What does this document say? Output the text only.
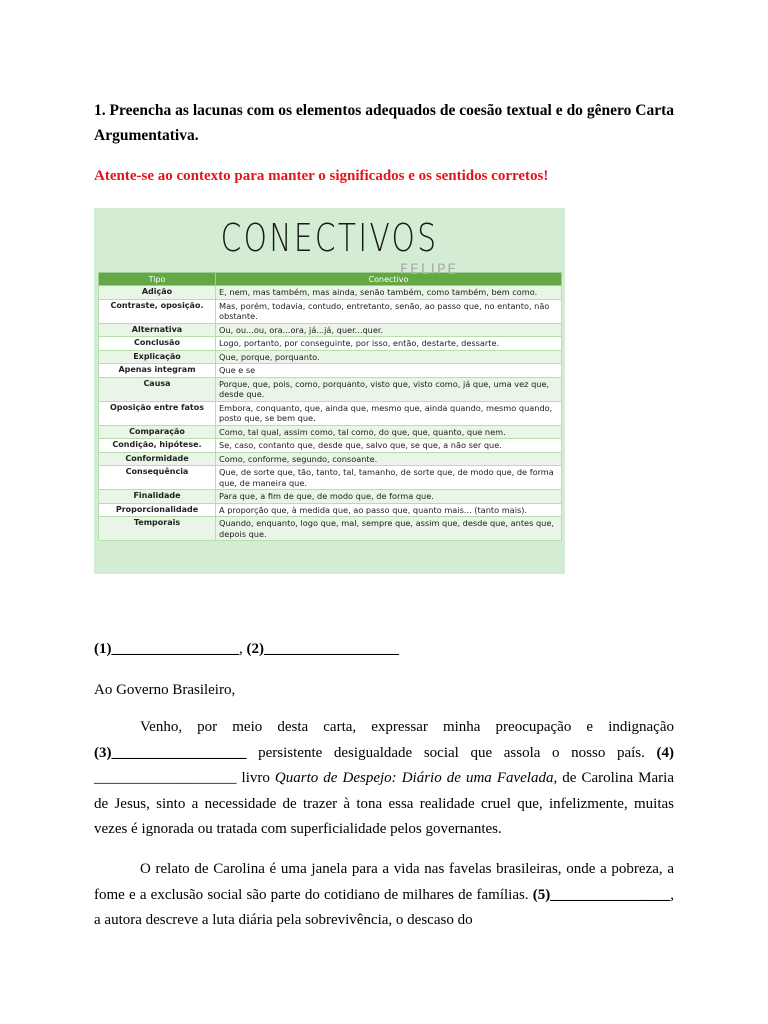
1. Preencha as lacunas com os elementos adequados de coesão textual e do gênero Carta Argumentativa.
Atente-se ao contexto para manter o significados e os sentidos corretos!
CONECTIVOS
Tipo	Conectivo
Adição	E, nem, mas também, mas ainda, senão também, como também, bem como.
Contraste, oposição.	Mas, porém, todavia, contudo, entretanto, senão, ao passo que, no entanto, não obstante.
Alternativa	Ou, ou...ou, ora...ora, já...já, quer...quer.
Conclusão	Logo, portanto, por conseguinte, por isso, então, destarte, dessarte.
Explicação	Que, porque, porquanto.
Apenas integram	Que e se
Causa	Porque, que, pois, como, porquanto, visto que, visto como, já que, uma vez que, desde que.
Oposição entre fatos	Embora, conquanto, que, ainda que, mesmo que, ainda quando, mesmo quando, posto que, se bem que.
Comparação	Como, tal qual, assim como, tal como, do que, que, quanto, que nem.
Condição, hipótese.	Se, caso, contanto que, desde que, salvo que, se que, a não ser que.
Conformidade	Como, conforme, segundo, consoante.
Consequência	Que, de sorte que, tão, tanto, tal, tamanho, de sorte que, de modo que, de forma que, de maneira que.
Finalidade	Para que, a fim de que, de modo que, de forma que.
Proporcionalidade	A proporção que, à medida que, ao passo que, quanto mais... (tanto mais).
Temporais	Quando, enquanto, logo que, mal, sempre que, assim que, desde que, antes que, depois que.
FELIPE
(1)_________________, (2)__________________
Ao Governo Brasileiro,
Venho, por meio desta carta, expressar minha preocupação e indignação (3)__________________ persistente desigualdade social que assola o nosso país. (4) ___________________ livro Quarto de Despejo: Diário de uma Favelada, de Carolina Maria de Jesus, sinto a necessidade de trazer à tona essa realidade cruel que, infelizmente, muitas vezes é ignorada ou tratada com superficialidade pelos governantes.
O relato de Carolina é uma janela para a vida nas favelas brasileiras, onde a pobreza, a fome e a exclusão social são parte do cotidiano de milhares de famílias. (5)________________, a autora descreve a luta diária pela sobrevivência, o descaso do
